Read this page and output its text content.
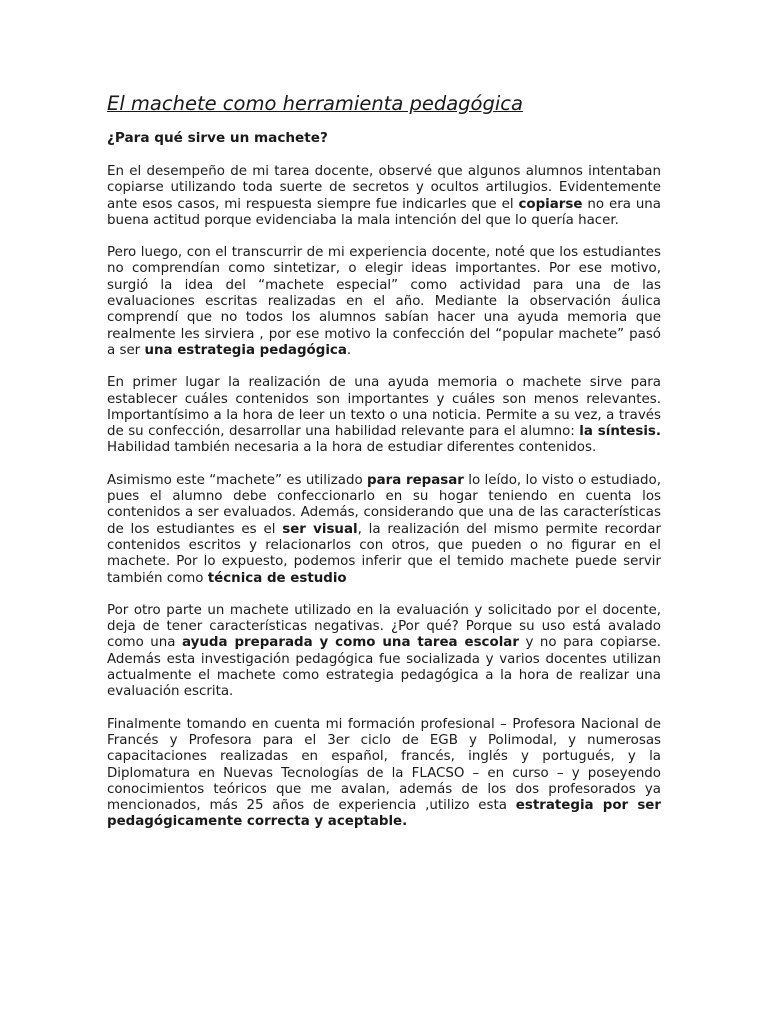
El machete como herramienta pedagógica
¿Para qué sirve un machete?

En el desempeño de mi tarea docente, observé que algunos alumnos intentaban copiarse utilizando toda suerte de secretos y ocultos artilugios. Evidentemente ante esos casos, mi respuesta siempre fue indicarles que el copiarse no era una buena actitud porque evidenciaba la mala intención del que lo quería hacer.

Pero luego, con el transcurrir de mi experiencia docente, noté que los estudiantes no comprendían como sintetizar, o elegir ideas importantes. Por ese motivo, surgió la idea del “machete especial” como actividad para una de las evaluaciones escritas realizadas en el año. Mediante la observación áulica comprendí que no todos los alumnos sabían hacer una ayuda memoria que realmente les sirviera , por ese motivo la confección del “popular machete” pasó a ser una estrategia pedagógica.

En primer lugar la realización de una ayuda memoria o machete sirve para establecer cuáles contenidos son importantes y cuáles son menos relevantes. Importantísimo a la hora de leer un texto o una noticia. Permite a su vez, a través de su confección, desarrollar una habilidad relevante para el alumno: la síntesis. Habilidad también necesaria a la hora de estudiar diferentes contenidos.

Asimismo este “machete” es utilizado para repasar lo leído, lo visto o estudiado, pues el alumno debe confeccionarlo en su hogar teniendo en cuenta los contenidos a ser evaluados. Además, considerando que una de las características de los estudiantes es el ser visual, la realización del mismo permite recordar contenidos escritos y relacionarlos con otros, que pueden o no figurar en el machete. Por lo expuesto, podemos inferir que el temido machete puede servir también como técnica de estudio

Por otro parte un machete utilizado en la evaluación y solicitado por el docente, deja de tener características negativas. ¿Por qué? Porque su uso está avalado como una ayuda preparada y como una tarea escolar y no para copiarse. Además esta investigación pedagógica fue socializada y varios docentes utilizan actualmente el machete como estrategia pedagógica a la hora de realizar una evaluación escrita.

Finalmente tomando en cuenta mi formación profesional – Profesora Nacional de Francés y Profesora para el 3er ciclo de EGB y Polimodal, y numerosas capacitaciones realizadas en español, francés, inglés y portugués, y la Diplomatura en Nuevas Tecnologías de la FLACSO – en curso – y poseyendo conocimientos teóricos que me avalan, además de los dos profesorados ya mencionados, más 25 años de experiencia ,utilizo esta estrategia por ser pedagógicamente correcta y aceptable.
